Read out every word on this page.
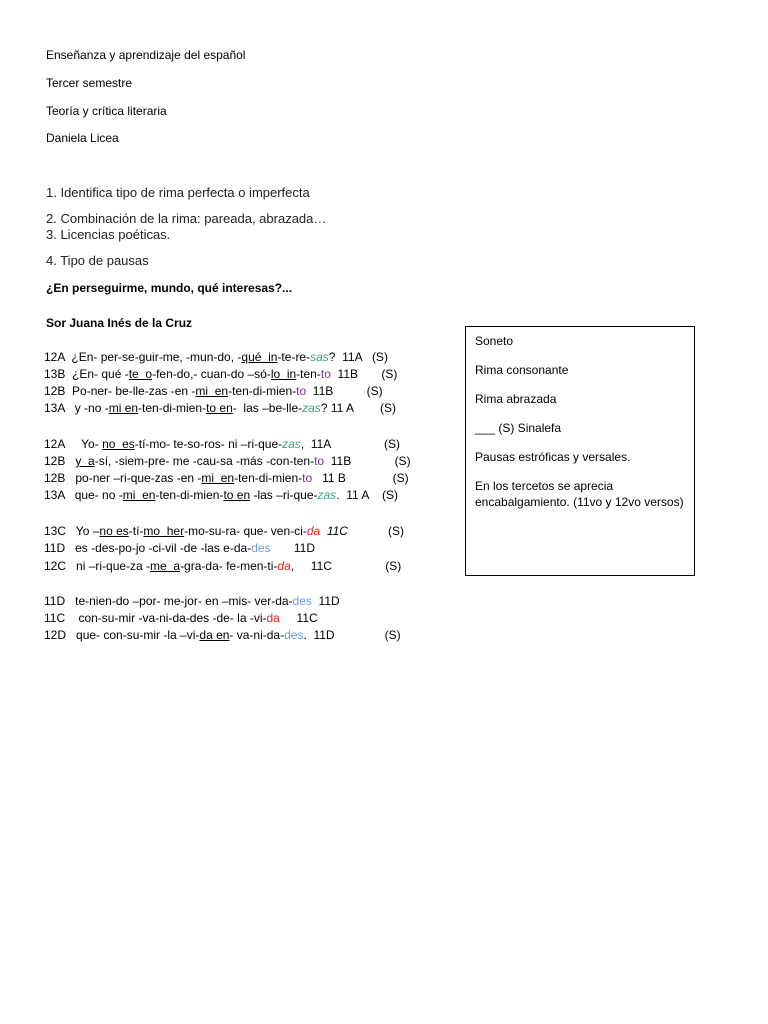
Enseñanza y aprendizaje del español
Tercer semestre
Teoría y crítica literaria
Daniela Licea
1. Identifica tipo de rima perfecta o imperfecta
2. Combinación de la rima: pareada, abrazada…
3. Licencias poéticas.
4. Tipo de pausas
¿En perseguirme, mundo, qué interesas?...
Sor Juana Inés de la Cruz
12A  ¿En- per-se-guir-me, -mun-do, -qué  in-te-re-sas?  11A   (S)
13B  ¿En- qué -te  o-fen-do,- cuan-do –só-lo  in-ten-to  11B       (S)
12B  Po-ner- be-lle-zas -en -mi  en-ten-di-mien-to  11B          (S)
13A   y -no -mi en-ten-di-mien-to en-  las –be-lle-zas? 11 A        (S)
12A     Yo- no  es-tí-mo- te-so-ros- ni –ri-que-zas,  11A                (S)
12B   y  a-sí, -siem-pre- me -cau-sa -más -con-ten-to  11B             (S)
12B   po-ner –ri-que-zas -en -mi  en-ten-di-mien-to   11 B              (S)
13A   que- no -mi  en-ten-di-mien-to en -las –ri-que-zas.  11 A    (S)
13C   Yo –no es-tí-mo  her-mo-su-ra- que- ven-ci-da 11C            (S)
11D   es -des-po-jo -ci-vil -de -las e-da-des       11D
12C   ni –ri-que-za -me  a-gra-da- fe-men-ti-da,     11C                (S)
11D   te-nien-do –por- me-jor- en –mis- ver-da-des  11D
11C    con-su-mir -va-ni-da-des -de- la -vi-da     11C
12D   que- con-su-mir -la –vi-da en- va-ni-da-des.  11D               (S)

Soneto

Rima consonante

Rima abrazada

___ (S) Sinalefa

Pausas estróficas y versales.

En los tercetos se aprecia encabalgamiento. (11vo y 12vo versos)
